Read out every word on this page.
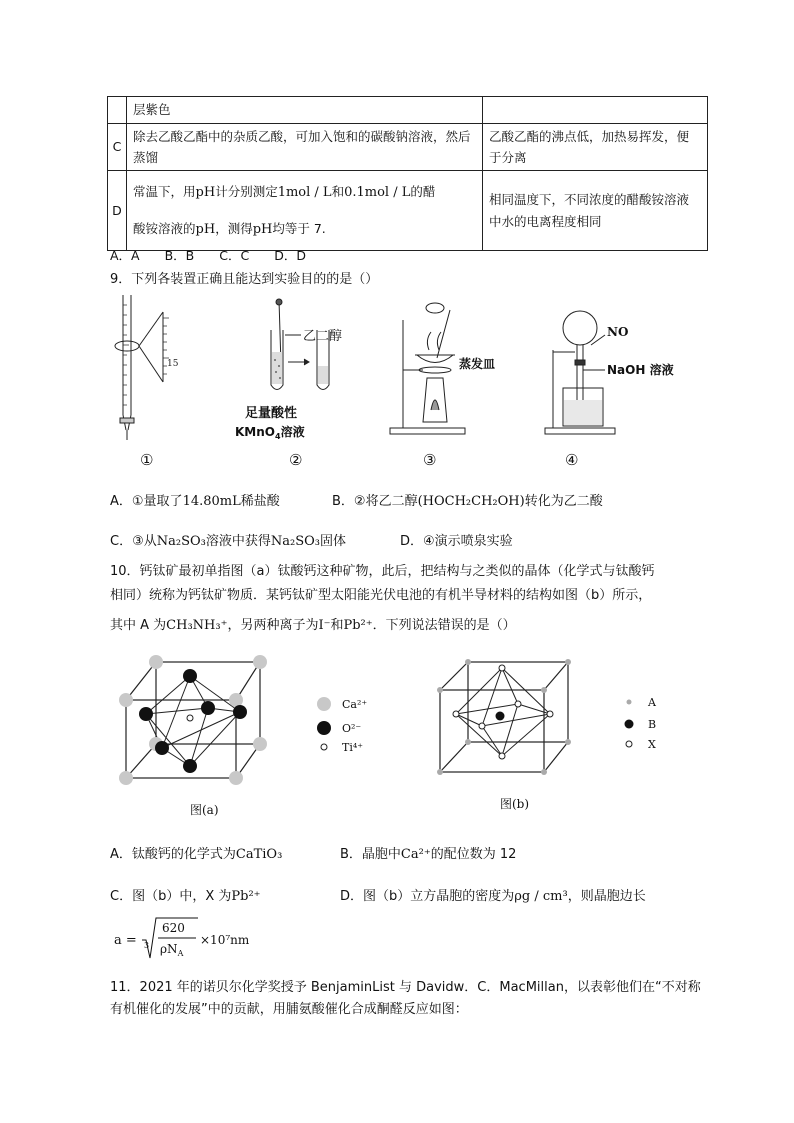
	层紫色	
C	除去乙酸乙酯中的杂质乙酸，可加入饱和的碳酸钠溶液，然后蒸馏	乙酸乙酯的沸点低，加热易挥发，便于分离
D	常温下，用pH计分别测定1mol / L和0.1mol / L的醋
酸铵溶液的pH，测得pH均等于 7.	相同温度下，不同浓度的醋酸铵溶液中水的电离程度相同
A．A　　B．B　　C．C　　D．D
9．下列各装置正确且能达到实验目的的是（）
15
乙二醇
足量酸性
KMnO$_4$溶液
蒸发皿
NO
NaOH 溶液
①	②	③	④
A．①量取了14.80mL稀盐酸	B．②将乙二醇(HOCH₂CH₂OH)转化为乙二酸
C．③从Na₂SO₃溶液中获得Na₂SO₃固体	D．④演示喷泉实验
10．钙钛矿最初单指图（a）钛酸钙这种矿物，此后，把结构与之类似的晶体（化学式与钛酸钙
相同）统称为钙钛矿物质．某钙钛矿型太阳能光伏电池的有机半导材料的结构如图（b）所示，
其中 A 为CH₃NH₃⁺，另两种离子为I⁻和Pb²⁺．下列说法错误的是（）
Ca²⁺
O²⁻
Ti⁴⁺
图(a)
A
B
X
图(b)
A．钛酸钙的化学式为CaTiO₃	B．晶胞中Ca²⁺的配位数为 12
C．图（b）中，X 为Pb²⁺	D．图（b）立方晶胞的密度为ρg / cm³，则晶胞边长
a = 3
620
$\rho N_A$
×10⁷nm
11．2021 年的诺贝尔化学奖授予 BenjaminList 与 Davidw．C．MacMillan，以表彰他们在“不对称
有机催化的发展”中的贡献，用脯氨酸催化合成酮醛反应如图：
